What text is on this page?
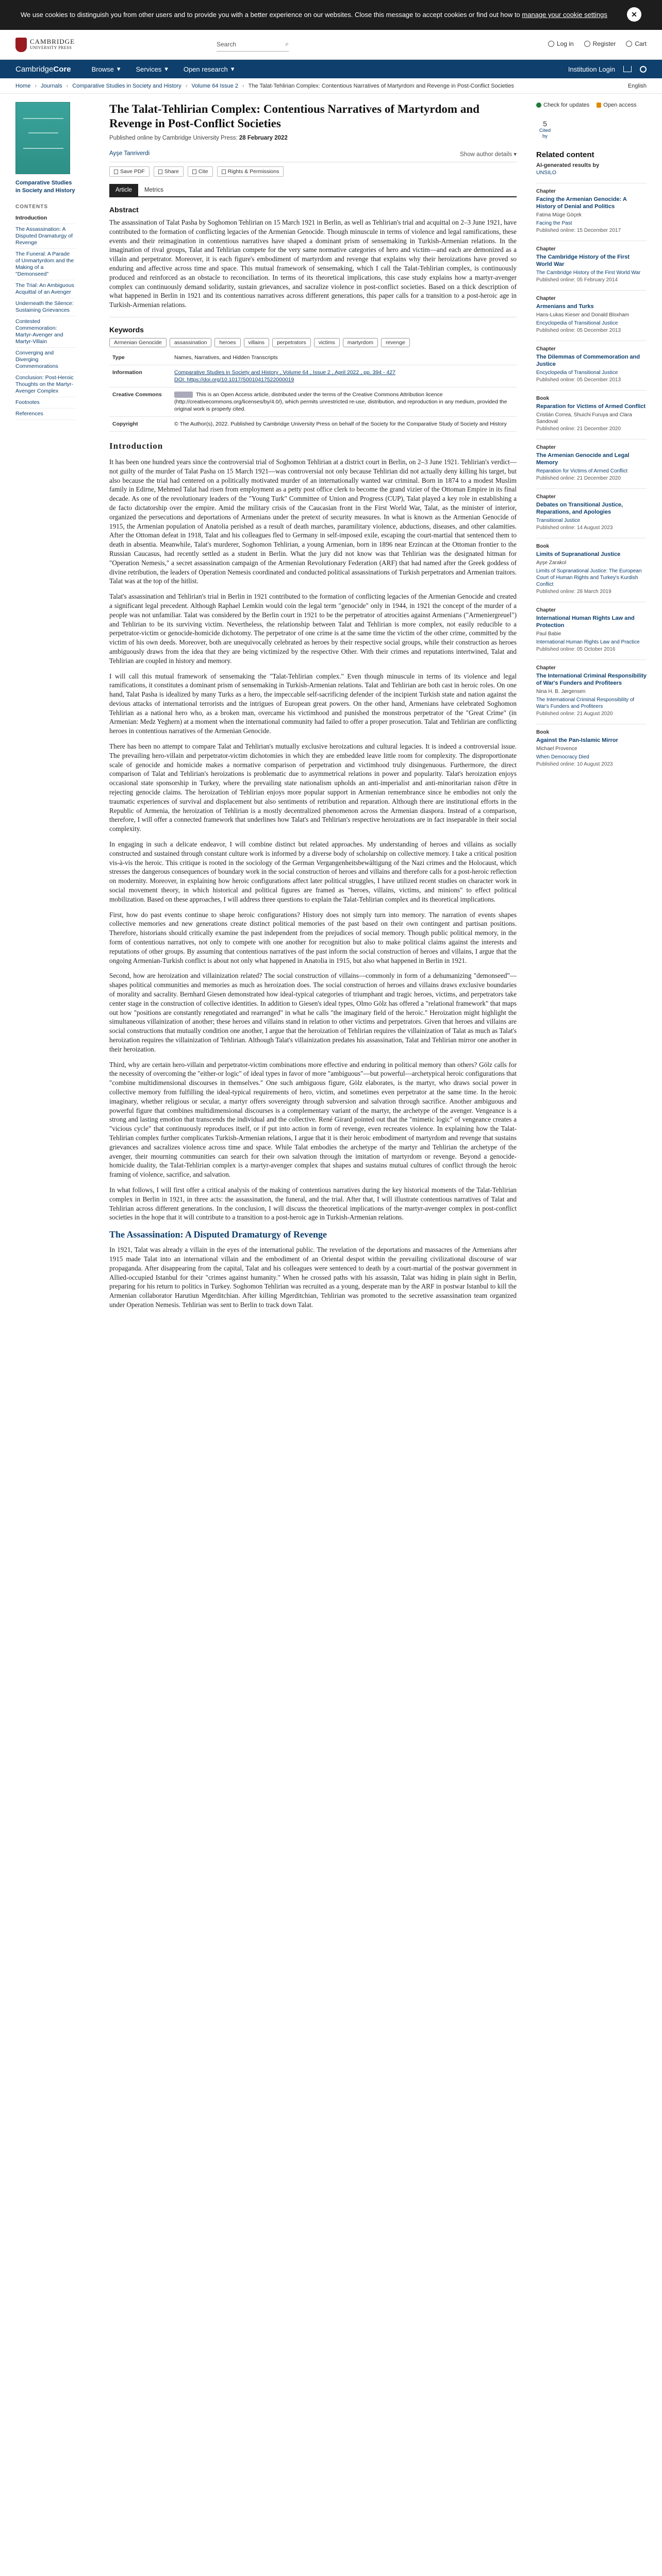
We use cookies to distinguish you from other users and to provide you with a better experience on our websites. Close this message to accept cookies or find out how to manage your cookie settings	✕
CAMBRIDGE
UNIVERSITY PRESS	Search	⌕	Log in	Register	Cart
CambridgeCore	Browse ▾ Services ▾ Open research ▾	Institution Login
Home › Journals › Comparative Studies in Society and History › Volume 64 Issue 2 › The Talat-Tehlirian Complex: Contentious Narratives of Martyrdom and Revenge in Post-Conflict Societies	English
Comparative Studies in Society and History
CONTENTS
Introduction
The Assassination: A Disputed Dramaturgy of Revenge
The Funeral: A Parade of Unmartyrdom and the Making of a "Demonseed"
The Trial: An Ambiguous Acquittal of an Avenger
Underneath the Silence: Sustaining Grievances
Contested Commemoration: Martyr-Avenger and Martyr-Villain
Converging and Diverging Commemorations
Conclusion: Post-Heroic Thoughts on the Martyr-Avenger Complex
Footnotes
References
The Talat-Tehlirian Complex: Contentious Narratives of Martyrdom and Revenge in Post-Conflict Societies
Published online by Cambridge University Press: 28 February 2022
Ayşe Tanriverdi	Show author details ▾
Save PDF	Share	Cite	Rights & Permissions
Article	Metrics
Abstract

The assassination of Talat Pasha by Soghomon Tehlirian on 15 March 1921 in Berlin, as well as Tehlirian's trial and acquittal on 2–3 June 1921, have contributed to the formation of conflicting legacies of the Armenian Genocide. Though minuscule in terms of violence and legal ramifications, these events and their reimagination in contentious narratives have shaped a dominant prism of sensemaking in Turkish-Armenian relations. In the imagination of rival groups, Talat and Tehlirian compete for the very same normative categories of hero and victim—and each are demonized as a villain and perpetrator. Moreover, it is each figure's embodiment of martyrdom and revenge that explains why their heroizations have proved so enduring and affective across time and space. This mutual framework of sensemaking, which I call the Talat-Tehlirian complex, is continuously produced and reinforced as an obstacle to reconciliation. In terms of its theoretical implications, this case study explains how a martyr-avenger complex can continuously demand solidarity, sustain grievances, and sacralize violence in post-conflict societies. Based on a thick description of what happened in Berlin in 1921 and its contentious narratives across different generations, this paper calls for a transition to a post-heroic age in Turkish-Armenian relations.

Keywords
Armenian Genocide	assassination	heroes	villains	perpetrators	victims	martyrdom	revenge
Type	Names, Narratives, and Hidden Transcripts
Information	Comparative Studies in Society and History , Volume 64 , Issue 2 , April 2022 , pp. 394 - 427
DOI: https://doi.org/10.1017/S0010417522000019
Creative Commons	This is an Open Access article, distributed under the terms of the Creative Commons Attribution licence (http://creativecommons.org/licenses/by/4.0/), which permits unrestricted re-use, distribution, and reproduction in any medium, provided the original work is properly cited.
Copyright	© The Author(s), 2022. Published by Cambridge University Press on behalf of the Society for the Comparative Study of Society and History
Introduction

It has been one hundred years since the controversial trial of Soghomon Tehlirian at a district court in Berlin, on 2–3 June 1921. Tehlirian's verdict—not guilty of the murder of Talat Pasha on 15 March 1921—was controversial not only because Tehlirian did not actually deny killing his target, but also because the trial had centered on a politically motivated murder of an internationally wanted war criminal. Born in 1874 to a modest Muslim family in Edirne, Mehmed Talat had risen from employment as a petty post office clerk to become the grand vizier of the Ottoman Empire in its final decade. As one of the revolutionary leaders of the "Young Turk" Committee of Union and Progress (CUP), Talat played a key role in establishing a de facto dictatorship over the empire. Amid the military crisis of the Caucasian front in the First World War, Talat, as the minister of interior, organized the persecutions and deportations of Armenians under the pretext of security measures. In what is known as the Armenian Genocide of 1915, the Armenian population of Anatolia perished as a result of death marches, paramilitary violence, abductions, diseases, and other calamities. After the Ottoman defeat in 1918, Talat and his colleagues fled to Germany in self-imposed exile, escaping the court-martial that sentenced them to death in absentia. Meanwhile, Talat's murderer, Soghomon Tehlirian, a young Armenian, born in 1896 near Erzincan at the Ottoman frontier to the Russian Caucasus, had recently settled as a student in Berlin. What the jury did not know was that Tehlirian was the designated hitman for "Operation Nemesis," a secret assassination campaign of the Armenian Revolutionary Federation (ARF) that had named after the Greek goddess of divine retribution, the leaders of Operation Nemesis coordinated and conducted political assassinations of Turkish perpetrators and Armenian traitors. Talat was at the top of the hitlist.

Talat's assassination and Tehlirian's trial in Berlin in 1921 contributed to the formation of conflicting legacies of the Armenian Genocide and created a significant legal precedent. Although Raphael Lemkin would coin the legal term "genocide" only in 1944, in 1921 the concept of the murder of a people was not unfamiliar. Talat was considered by the Berlin court in 1921 to be the perpetrator of atrocities against Armenians ("Armeniergreuel") and Tehlirian to be its surviving victim. Nevertheless, the relationship between Talat and Tehlirian is more complex, not easily reducible to a perpetrator-victim or genocide-homicide dichotomy. The perpetrator of one crime is at the same time the victim of the other crime, committed by the victim of his own deeds. Moreover, both are unequivocally celebrated as heroes by their respective social groups, while their construction as heroes ambiguously draws from the idea that they are being victimized by the respective Other. With their crimes and reputations intertwined, Talat and Tehlirian are coupled in history and memory.

I will call this mutual framework of sensemaking the "Talat-Tehlirian complex." Even though minuscule in terms of its violence and legal ramifications, it constitutes a dominant prism of sensemaking in Turkish-Armenian relations. Talat and Tehlirian are both cast in heroic roles. On one hand, Talat Pasha is idealized by many Turks as a hero, the impeccable self-sacrificing defender of the incipient Turkish state and nation against the devious attacks of international terrorists and the intrigues of European great powers. On the other hand, Armenians have celebrated Soghomon Tehlirian as a national hero who, as a broken man, overcame his victimhood and punished the monstrous perpetrator of the "Great Crime" (in Armenian: Medz Yeghern) at a moment when the international community had failed to offer a proper prosecution. Talat and Tehlirian are conflicting heroes in contentious narratives of the Armenian Genocide.

There has been no attempt to compare Talat and Tehlirian's mutually exclusive heroizations and cultural legacies. It is indeed a controversial issue. The prevailing hero-villain and perpetrator-victim dichotomies in which they are embedded leave little room for complexity. The disproportionate scale of genocide and homicide makes a normative comparison of perpetration and victimhood truly disingenuous. Furthermore, the direct comparison of Talat and Tehlirian's heroizations is problematic due to asymmetrical relations in power and popularity. Talat's heroization enjoys occasional state sponsorship in Turkey, where the prevailing state nationalism upholds an anti-imperialist and anti-minoritarian raison d'être in rejecting genocide claims. The heroization of Tehlirian enjoys more popular support in Armenian remembrance since he embodies not only the traumatic experiences of survival and displacement but also sentiments of retribution and reparation. Although there are institutional efforts in the Republic of Armenia, the heroization of Tehlirian is a mostly decentralized phenomenon across the Armenian diaspora. Instead of a comparison, therefore, I will offer a connected framework that underlines how Talat's and Tehlirian's respective heroizations are in fact inseparable in their social complexity.

In engaging in such a delicate endeavor, I will combine distinct but related approaches. My understanding of heroes and villains as socially constructed and sustained through constant culture work is informed by a diverse body of scholarship on collective memory. I take a critical position vis-à-vis the heroic. This critique is rooted in the sociology of the German Vergangenheitsbewältigung of the Nazi crimes and the Holocaust, which stresses the dangerous consequences of boundary work in the social construction of heroes and villains and therefore calls for a post-heroic reflection on modernity. Moreover, in explaining how heroic configurations affect later political struggles, I have utilized recent studies on character work in social movement theory, in which historical and political figures are framed as "heroes, villains, victims, and minions" to effect political mobilization. Based on these approaches, I will address three questions to explain the Talat-Tehlirian complex and its theoretical implications.

First, how do past events continue to shape heroic configurations? History does not simply turn into memory. The narration of events shapes collective memories and new generations create distinct political memories of the past based on their own contingent and partisan positions. Therefore, historians should critically examine the past independent from the prejudices of social memory. Though public political memory, in the form of contentious narratives, not only to compete with one another for recognition but also to make political claims against the interests and reputations of other groups. By assuming that contentious narratives of the past inform the social construction of heroes and villains, I argue that the ongoing Armenian-Turkish conflict is about not only what happened in Anatolia in 1915, but also what happened in Berlin in 1921.

Second, how are heroization and villainization related? The social construction of villains—commonly in form of a dehumanizing "demonseed"—shapes political communities and memories as much as heroization does. The social construction of heroes and villains draws exclusive boundaries of morality and sacrality. Bernhard Giesen demonstrated how ideal-typical categories of triumphant and tragic heroes, victims, and perpetrators take center stage in the construction of collective identities. In addition to Giesen's ideal types, Olmo Gölz has offered a "relational framework" that maps out how "positions are constantly renegotiated and rearranged" in what he calls "the imaginary field of the heroic." Heroization might highlight the simultaneous villainization of another; these heroes and villains stand in relation to other victims and perpetrators. Given that heroes and villains are social constructions that mutually condition one another, I argue that the heroization of Tehlirian requires the villainization of Talat as much as Talat's heroization requires the villainization of Tehlirian. Although Talat's villainization predates his assassination, Talat and Tehlirian mirror one another in their heroization.

Third, why are certain hero-villain and perpetrator-victim combinations more effective and enduring in political memory than others? Gölz calls for the necessity of overcoming the "either-or logic" of ideal types in favor of more "ambiguous"—but powerful—archetypical heroic configurations that "combine multidimensional discourses in themselves." One such ambiguous figure, Gölz elaborates, is the martyr, who draws social power in collective memory from fulfilling the ideal-typical requirements of hero, victim, and sometimes even perpetrator at the same time. In the heroic imaginary, whether religious or secular, a martyr offers sovereignty through subversion and salvation through sacrifice. Another ambiguous and powerful figure that combines multidimensional discourses is a complementary variant of the martyr, the archetype of the avenger. Vengeance is a strong and lasting emotion that transcends the individual and the collective. René Girard pointed out that the "mimetic logic" of vengeance creates a "vicious cycle" that continuously reproduces itself, or if put into action in form of revenge, even recreates violence. In explaining how the Talat-Tehlirian complex further complicates Turkish-Armenian relations, I argue that it is their heroic embodiment of martyrdom and revenge that sustains grievances and sacralizes violence across time and space. While Talat embodies the archetype of the martyr and Tehlirian the archetype of the avenger, their mourning communities can search for their own salvation through the imitation of martyrdom or revenge. Beyond a genocide-homicide duality, the Talat-Tehlirian complex is a martyr-avenger complex that shapes and sustains mutual cultures of conflict through the heroic framing of violence, sacrifice, and salvation.

In what follows, I will first offer a critical analysis of the making of contentious narratives during the key historical moments of the Talat-Tehlirian complex in Berlin in 1921, in three acts: the assassination, the funeral, and the trial. After that, I will illustrate contentious narratives of Talat and Tehlirian across different generations. In the conclusion, I will discuss the theoretical implications of the martyr-avenger complex in post-conflict societies in the hope that it will contribute to a transition to a post-heroic age in Turkish-Armenian relations.

The Assassination: A Disputed Dramaturgy of Revenge

In 1921, Talat was already a villain in the eyes of the international public. The revelation of the deportations and massacres of the Armenians after 1915 made Talat into an international villain and the embodiment of an Oriental despot within the prevailing civilizational discourse of war propaganda. After disappearing from the capital, Talat and his colleagues were sentenced to death by a court-martial of the postwar government in Allied-occupied Istanbul for their "crimes against humanity." When he crossed paths with his assassin, Talat was hiding in plain sight in Berlin, preparing for his return to politics in Turkey. Soghomon Tehlirian was recruited as a young, desperate man by the ARF in postwar Istanbul to kill the Armenian collaborator Harutiun Mgerditchian. After killing Mgerditchian, Tehlirian was promoted to the secretive assassination team organized under Operation Nemesis. Tehlirian was sent to Berlin to track down Talat.

Check for updates	Open access
5
Cited by
Related content
AI-generated results by
UNSILO
Chapter
Facing the Armenian Genocide: A History of Denial and Politics
Fatma Müge Göçek
Facing the Past
Published online: 15 December 2017
Chapter
The Cambridge History of the First World War
The Cambridge History of the First World War
Published online: 05 February 2014
Chapter
Armenians and Turks
Hans-Lukas Kieser and Donald Bloxham
Encyclopedia of Transitional Justice
Published online: 05 December 2013
Chapter
The Dilemmas of Commemoration and Justice
Encyclopedia of Transitional Justice
Published online: 05 December 2013
Book
Reparation for Victims of Armed Conflict
Cristián Correa, Shuichi Furuya and Clara Sandoval
Published online: 21 December 2020
Chapter
The Armenian Genocide and Legal Memory
Reparation for Victims of Armed Conflict
Published online: 21 December 2020
Chapter
Debates on Transitional Justice, Reparations, and Apologies
Transitional Justice
Published online: 14 August 2023
Book
Limits of Supranational Justice
Ayşe Zarakol
Limits of Supranational Justice: The European Court of Human Rights and Turkey's Kurdish Conflict
Published online: 28 March 2019
Chapter
International Human Rights Law and Protection
Paul Babie
International Human Rights Law and Practice
Published online: 05 October 2016
Chapter
The International Criminal Responsibility of War's Funders and Profiteers
Nina H. B. Jørgensen
The International Criminal Responsibility of War's Funders and Profiteers
Published online: 21 August 2020
Book
Against the Pan-Islamic Mirror
Michael Provence
When Democracy Died
Published online: 10 August 2023
